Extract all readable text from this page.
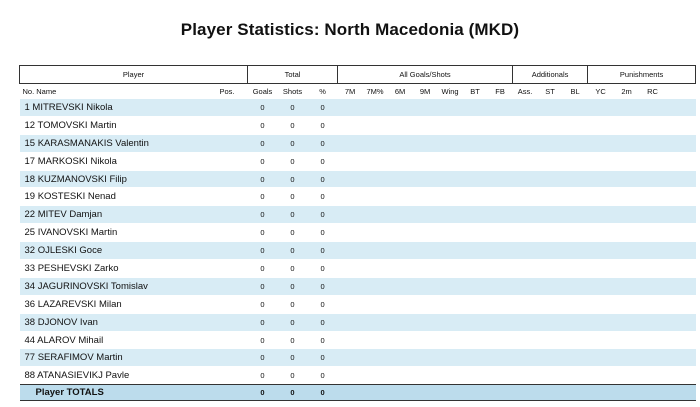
Player Statistics: North Macedonia (MKD)
Player		Total			All Goals/Shots							Additionals			Punishments			
No. Name	Pos.	Goals	Shots	%	7M	7M%	6M	9M	Wing	BT	FB	Ass.	ST	BL	YC	2m	RC	
1 MITREVSKI Nikola		0	0	0														
12 TOMOVSKI Martin		0	0	0														
15 KARASMANAKIS Valentin		0	0	0														
17 MARKOSKI Nikola		0	0	0														
18 KUZMANOVSKI Filip		0	0	0														
19 KOSTESKI Nenad		0	0	0														
22 MITEV Damjan		0	0	0														
25 IVANOVSKI Martin		0	0	0														
32 OJLESKI Goce		0	0	0														
33 PESHEVSKI Zarko		0	0	0														
34 JAGURINOVSKI Tomislav		0	0	0														
36 LAZAREVSKI Milan		0	0	0														
38 DJONOV Ivan		0	0	0														
44 ALAROV Mihail		0	0	0														
77 SERAFIMOV Martin		0	0	0														
88 ATANASIEVIKJ Pavle		0	0	0														
Player TOTALS		0	0	0														
